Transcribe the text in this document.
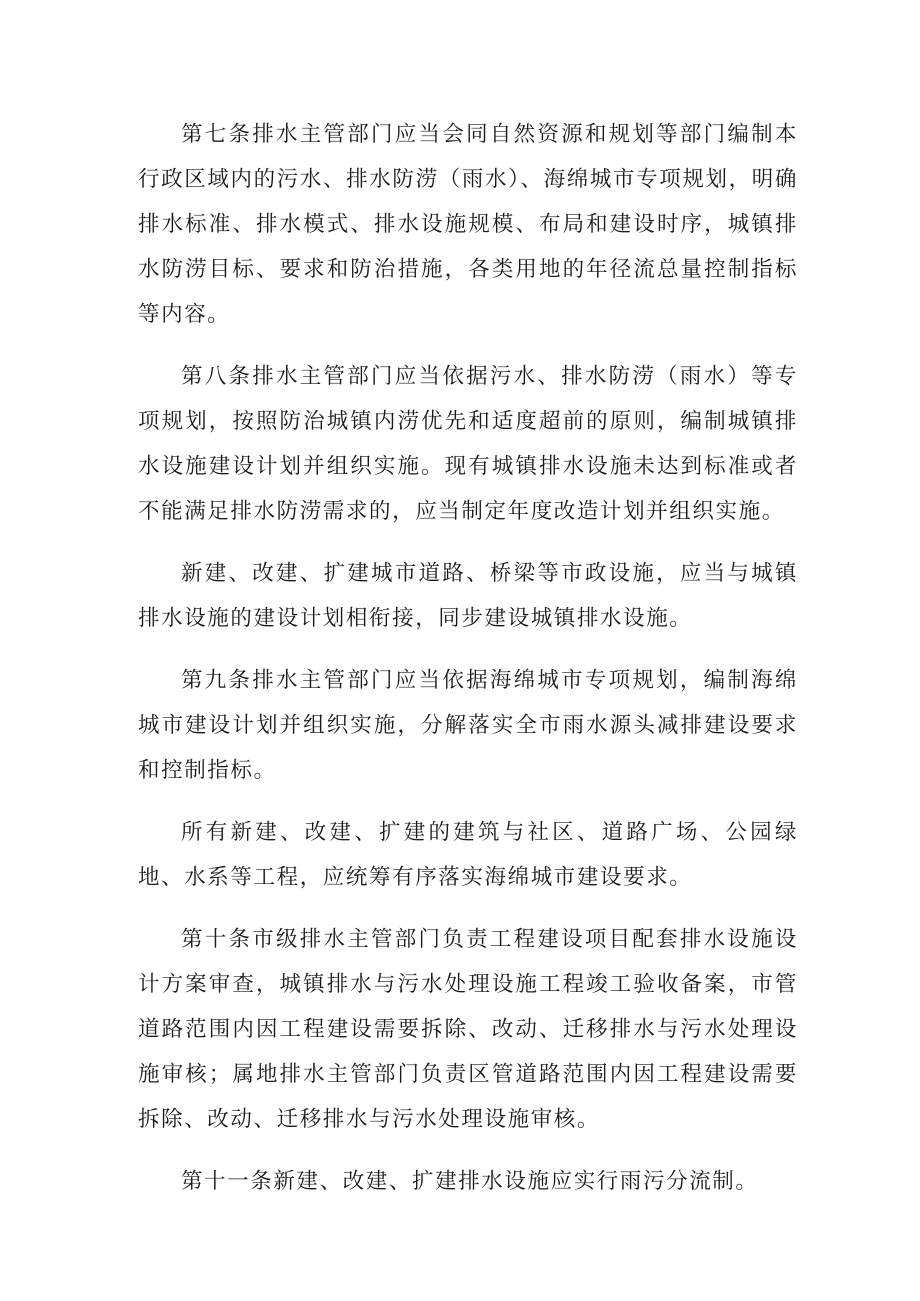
第七条排水主管部门应当会同自然资源和规划等部门编制本行政区域内的污水、排水防涝（雨水）、海绵城市专项规划，明确排水标准、排水模式、排水设施规模、布局和建设时序，城镇排水防涝目标、要求和防治措施，各类用地的年径流总量控制指标等内容。

第八条排水主管部门应当依据污水、排水防涝（雨水）等专项规划，按照防治城镇内涝优先和适度超前的原则，编制城镇排水设施建设计划并组织实施。现有城镇排水设施未达到标准或者不能满足排水防涝需求的，应当制定年度改造计划并组织实施。

新建、改建、扩建城市道路、桥梁等市政设施，应当与城镇排水设施的建设计划相衔接，同步建设城镇排水设施。

第九条排水主管部门应当依据海绵城市专项规划，编制海绵城市建设计划并组织实施，分解落实全市雨水源头减排建设要求和控制指标。

所有新建、改建、扩建的建筑与社区、道路广场、公园绿地、水系等工程，应统筹有序落实海绵城市建设要求。

第十条市级排水主管部门负责工程建设项目配套排水设施设计方案审查，城镇排水与污水处理设施工程竣工验收备案，市管道路范围内因工程建设需要拆除、改动、迁移排水与污水处理设施审核；属地排水主管部门负责区管道路范围内因工程建设需要拆除、改动、迁移排水与污水处理设施审核。

第十一条新建、改建、扩建排水设施应实行雨污分流制。
